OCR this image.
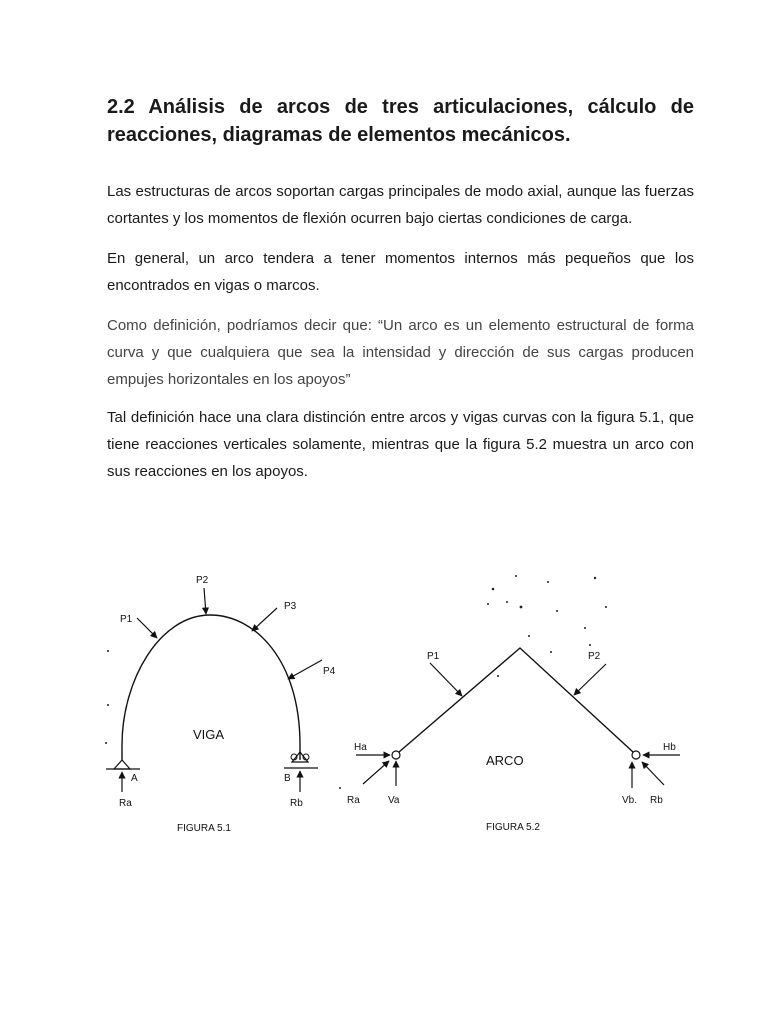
2.2 Análisis de arcos de tres articulaciones, cálculo de reacciones, diagramas de elementos mecánicos.

Las estructuras de arcos soportan cargas principales de modo axial, aunque las fuerzas cortantes y los momentos de flexión ocurren bajo ciertas condiciones de carga.

En general, un arco tendera a tener momentos internos más pequeños que los encontrados en vigas o marcos.

Como definición, podríamos decir que: “Un arco es un elemento estructural de forma curva y que cualquiera que sea la intensidad y dirección de sus cargas producen empujes horizontales en los apoyos”

Tal definición hace una clara distinción entre arcos y vigas curvas con la figura 5.1, que tiene reacciones verticales solamente, mientras que la figura 5.2 muestra un arco con sus reacciones en los apoyos.

P1
P2
P3
P4
VIGA
A	B
Ra	Rb
FIGURA 5.1
P1	P2
ARCO
Ha	Hb
Ra	Va	Vb. Rb
FIGURA 5.2
